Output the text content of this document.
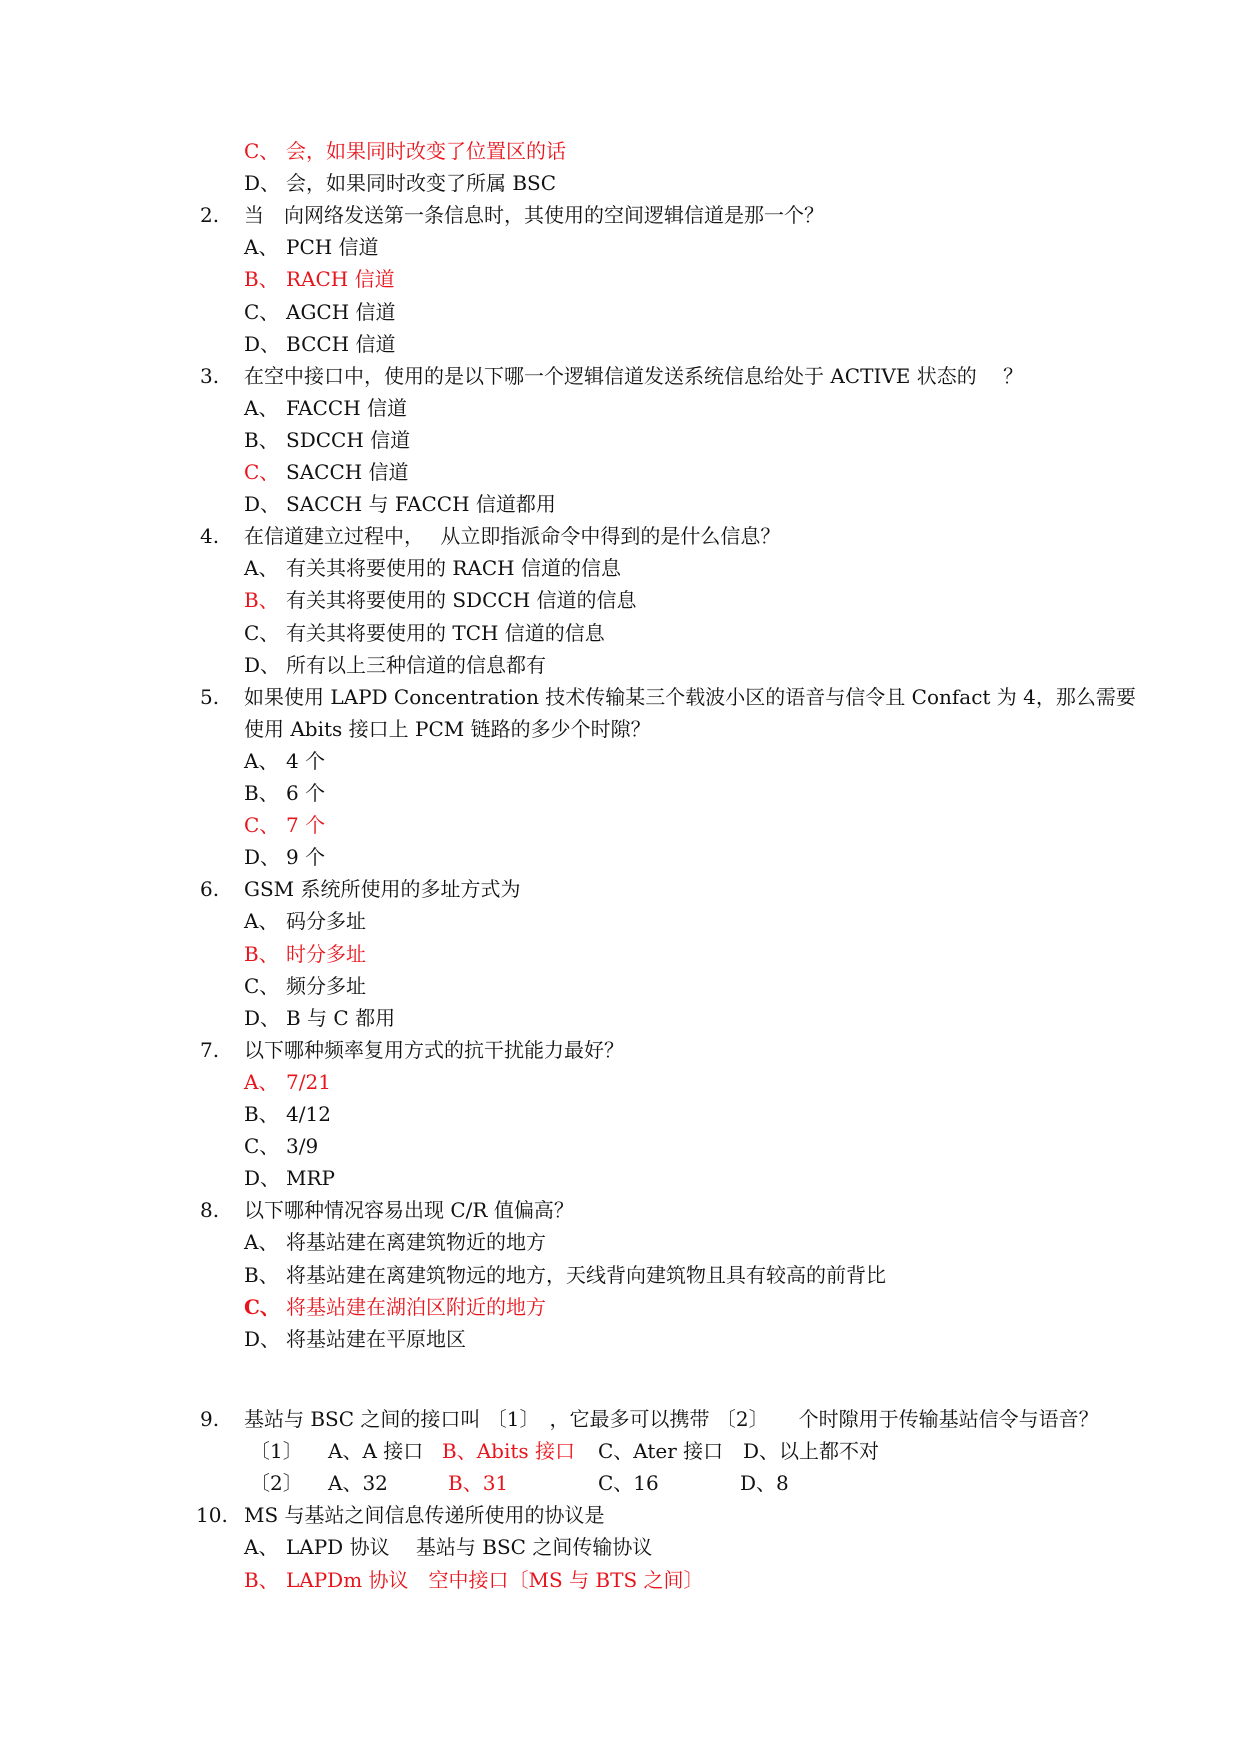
C、 会，如果同时改变了位置区的话
D、 会，如果同时改变了所属 BSC
2. 当　向网络发送第一条信息时，其使用的空间逻辑信道是那一个？
A、 PCH 信道
B、 RACH 信道
C、 AGCH 信道
D、 BCCH 信道
3. 在空中接口中，使用的是以下哪一个逻辑信道发送系统信息给处于 ACTIVE 状态的　 ？
A、 FACCH 信道
B、 SDCCH 信道
C、 SACCH 信道
D、 SACCH 与 FACCH 信道都用
4. 在信道建立过程中，　 从立即指派命令中得到的是什么信息？
A、 有关其将要使用的 RACH 信道的信息
B、 有关其将要使用的 SDCCH 信道的信息
C、 有关其将要使用的 TCH 信道的信息
D、 所有以上三种信道的信息都有
5. 如果使用 LAPD Concentration 技术传输某三个载波小区的语音与信令且 Confact 为 4，那么需要
使用 Abits 接口上 PCM 链路的多少个时隙？
A、 4 个
B、 6 个
C、 7 个
D、 9 个
6. GSM 系统所使用的多址方式为
A、 码分多址
B、 时分多址
C、 频分多址
D、 B 与 C 都用
7. 以下哪种频率复用方式的抗干扰能力最好？
A、 7/21
B、 4/12
C、 3/9
D、 MRP
8. 以下哪种情况容易出现 C/R 值偏高？
A、 将基站建在离建筑物近的地方
B、 将基站建在离建筑物远的地方，天线背向建筑物且具有较高的前背比
C、 将基站建在湖泊区附近的地方
D、 将基站建在平原地区
9. 基站与 BSC 之间的接口叫 〔1〕　，它最多可以携带 〔2〕　　个时隙用于传输基站信令与语音？
〔1〕 A、A 接口 B、Abits 接口 C、Ater 接口 D、以上都不对
〔2〕 A、32	B、31	C、16	D、8
10. MS 与基站之间信息传递所使用的协议是
A、 LAPD 协议　 基站与 BSC 之间传输协议
B、 LAPDm 协议　空中接口〔MS 与 BTS 之间〕
